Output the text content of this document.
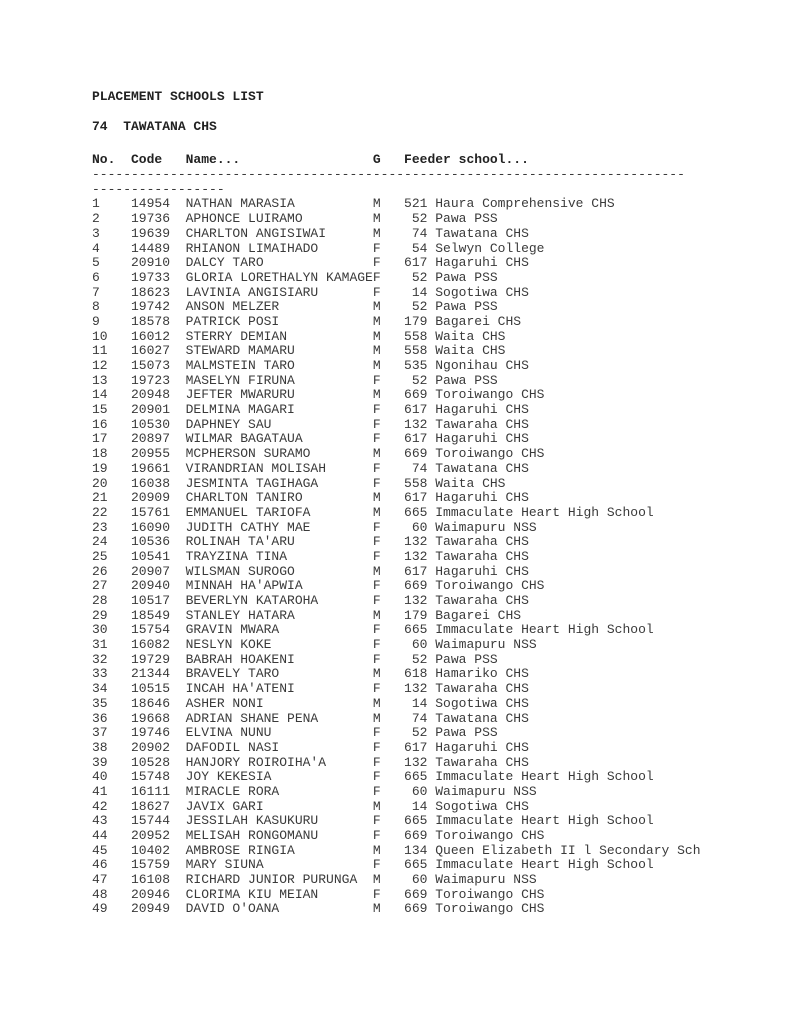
PLACEMENT SCHOOLS LIST
74  TAWATANA CHS
No.  Code   Name...                 G   Feeder school...
----------------------------------------------------------------------------
-----------------
1    14954  NATHAN MARASIA          M   521 Haura Comprehensive CHS
2    19736  APHONCE LUIRAMO         M    52 Pawa PSS
3    19639  CHARLTON ANGISIWAI      M    74 Tawatana CHS
4    14489  RHIANON LIMAIHADO       F    54 Selwyn College
5    20910  DALCY TARO              F   617 Hagaruhi CHS
6    19733  GLORIA LORETHALYN KAMAGEF    52 Pawa PSS
7    18623  LAVINIA ANGISIARU       F    14 Sogotiwa CHS
8    19742  ANSON MELZER            M    52 Pawa PSS
9    18578  PATRICK POSI            M   179 Bagarei CHS
10   16012  STERRY DEMIAN           M   558 Waita CHS
11   16027  STEWARD MAMARU          M   558 Waita CHS
12   15073  MALMSTEIN TARO          M   535 Ngonihau CHS
13   19723  MASELYN FIRUNA          F    52 Pawa PSS
14   20948  JEFTER MWARURU          M   669 Toroiwango CHS
15   20901  DELMINA MAGARI          F   617 Hagaruhi CHS
16   10530  DAPHNEY SAU             F   132 Tawaraha CHS
17   20897  WILMAR BAGATAUA         F   617 Hagaruhi CHS
18   20955  MCPHERSON SURAMO        M   669 Toroiwango CHS
19   19661  VIRANDRIAN MOLISAH      F    74 Tawatana CHS
20   16038  JESMINTA TAGIHAGA       F   558 Waita CHS
21   20909  CHARLTON TANIRO         M   617 Hagaruhi CHS
22   15761  EMMANUEL TARIOFA        M   665 Immaculate Heart High School
23   16090  JUDITH CATHY MAE        F    60 Waimapuru NSS
24   10536  ROLINAH TA'ARU          F   132 Tawaraha CHS
25   10541  TRAYZINA TINA           F   132 Tawaraha CHS
26   20907  WILSMAN SUROGO          M   617 Hagaruhi CHS
27   20940  MINNAH HA'APWIA         F   669 Toroiwango CHS
28   10517  BEVERLYN KATAROHA       F   132 Tawaraha CHS
29   18549  STANLEY HATARA          M   179 Bagarei CHS
30   15754  GRAVIN MWARA            F   665 Immaculate Heart High School
31   16082  NESLYN KOKE             F    60 Waimapuru NSS
32   19729  BABRAH HOAKENI          F    52 Pawa PSS
33   21344  BRAVELY TARO            M   618 Hamariko CHS
34   10515  INCAH HA'ATENI          F   132 Tawaraha CHS
35   18646  ASHER NONI              M    14 Sogotiwa CHS
36   19668  ADRIAN SHANE PENA       M    74 Tawatana CHS
37   19746  ELVINA NUNU             F    52 Pawa PSS
38   20902  DAFODIL NASI            F   617 Hagaruhi CHS
39   10528  HANJORY ROIROIHA'A      F   132 Tawaraha CHS
40   15748  JOY KEKESIA             F   665 Immaculate Heart High School
41   16111  MIRACLE RORA            F    60 Waimapuru NSS
42   18627  JAVIX GARI              M    14 Sogotiwa CHS
43   15744  JESSILAH KASUKURU       F   665 Immaculate Heart High School
44   20952  MELISAH RONGOMANU       F   669 Toroiwango CHS
45   10402  AMBROSE RINGIA          M   134 Queen Elizabeth II l Secondary Sch
46   15759  MARY SIUNA              F   665 Immaculate Heart High School
47   16108  RICHARD JUNIOR PURUNGA  M    60 Waimapuru NSS
48   20946  CLORIMA KIU MEIAN       F   669 Toroiwango CHS
49   20949  DAVID O'OANA            M   669 Toroiwango CHS
